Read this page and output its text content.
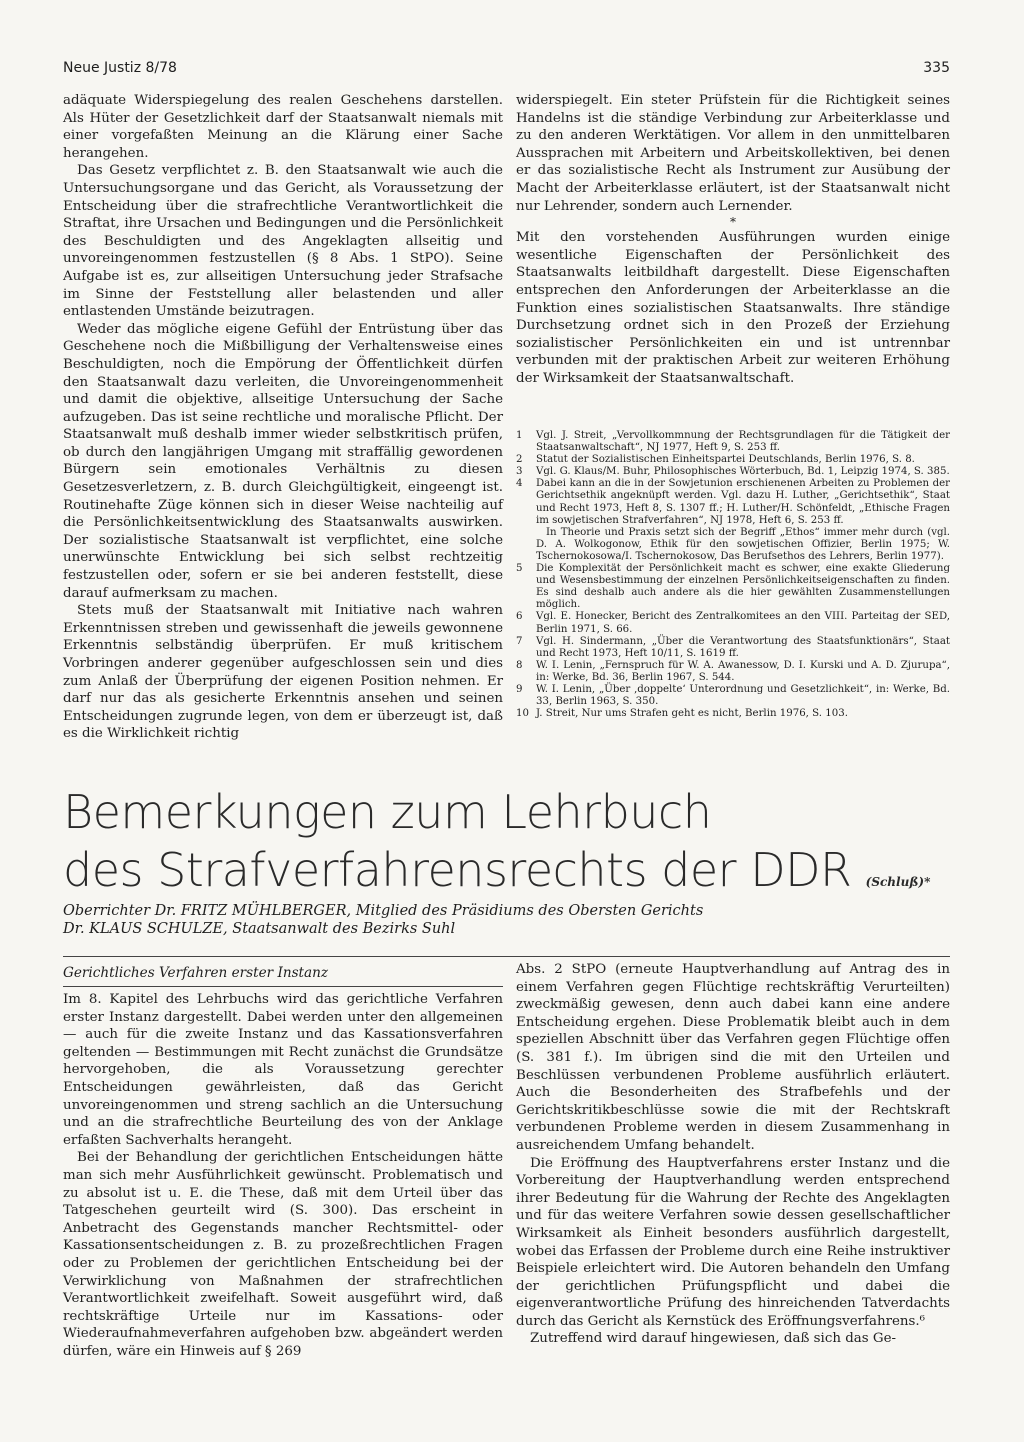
Neue Justiz 8/78	335

adäquate Widerspiegelung des realen Geschehens darstellen. Als Hüter der Gesetzlichkeit darf der Staatsanwalt niemals mit einer vorgefaßten Meinung an die Klärung einer Sache herangehen.

Das Gesetz verpflichtet z. B. den Staatsanwalt wie auch die Untersuchungsorgane und das Gericht, als Voraussetzung der Entscheidung über die strafrechtliche Verantwortlichkeit die Straftat, ihre Ursachen und Bedingungen und die Persönlichkeit des Beschuldigten und des Angeklagten allseitig und unvoreingenommen festzustellen (§ 8 Abs. 1 StPO). Seine Aufgabe ist es, zur allseitigen Untersuchung jeder Strafsache im Sinne der Feststellung aller belastenden und aller entlastenden Umstände beizutragen.

Weder das mögliche eigene Gefühl der Entrüstung über das Geschehene noch die Mißbilligung der Verhaltensweise eines Beschuldigten, noch die Empörung der Öffentlichkeit dürfen den Staatsanwalt dazu verleiten, die Unvoreingenommenheit und damit die objektive, allseitige Untersuchung der Sache aufzugeben. Das ist seine rechtliche und moralische Pflicht. Der Staatsanwalt muß deshalb immer wieder selbstkritisch prüfen, ob durch den langjährigen Umgang mit straffällig gewordenen Bürgern sein emotionales Verhältnis zu diesen Gesetzesverletzern, z. B. durch Gleichgültigkeit, eingeengt ist. Routinehafte Züge können sich in dieser Weise nachteilig auf die Persönlichkeitsentwicklung des Staatsanwalts auswirken. Der sozialistische Staatsanwalt ist verpflichtet, eine solche unerwünschte Entwicklung bei sich selbst rechtzeitig festzustellen oder, sofern er sie bei anderen feststellt, diese darauf aufmerksam zu machen.

Stets muß der Staatsanwalt mit Initiative nach wahren Erkenntnissen streben und gewissenhaft die jeweils gewonnene Erkenntnis selbständig überprüfen. Er muß kritischem Vorbringen anderer gegenüber aufgeschlossen sein und dies zum Anlaß der Überprüfung der eigenen Position nehmen. Er darf nur das als gesicherte Erkenntnis ansehen und seinen Entscheidungen zugrunde legen, von dem er überzeugt ist, daß es die Wirklichkeit richtig

widerspiegelt. Ein steter Prüfstein für die Richtigkeit seines Handelns ist die ständige Verbindung zur Arbeiterklasse und zu den anderen Werktätigen. Vor allem in den unmittelbaren Aussprachen mit Arbeitern und Arbeitskollektiven, bei denen er das sozialistische Recht als Instrument zur Ausübung der Macht der Arbeiterklasse erläutert, ist der Staatsanwalt nicht nur Lehrender, sondern auch Lernender.

*

Mit den vorstehenden Ausführungen wurden einige wesentliche Eigenschaften der Persönlichkeit des Staatsanwalts leitbildhaft dargestellt. Diese Eigenschaften entsprechen den Anforderungen der Arbeiterklasse an die Funktion eines sozialistischen Staatsanwalts. Ihre ständige Durchsetzung ordnet sich in den Prozeß der Erziehung sozialistischer Persönlichkeiten ein und ist untrennbar verbunden mit der praktischen Arbeit zur weiteren Erhöhung der Wirksamkeit der Staatsanwaltschaft.

1	Vgl. J. Streit, „Vervollkommnung der Rechtsgrundlagen für die Tätigkeit der Staatsanwaltschaft“, NJ 1977, Heft 9, S. 253 ff.
2	Statut der Sozialistischen Einheitspartei Deutschlands, Berlin 1976, S. 8.
3	Vgl. G. Klaus/M. Buhr, Philosophisches Wörterbuch, Bd. 1, Leipzig 1974, S. 385.
4	Dabei kann an die in der Sowjetunion erschienenen Arbeiten zu Problemen der Gerichtsethik angeknüpft werden. Vgl. dazu H. Luther, „Gerichtsethik“, Staat und Recht 1973, Heft 8, S. 1307 ff.; H. Luther/H. Schönfeldt, „Ethische Fragen im sowjetischen Strafverfahren“, NJ 1978, Heft 6, S. 253 ff.
In Theorie und Praxis setzt sich der Begriff „Ethos“ immer mehr durch (vgl. D. A. Wolkogonow, Ethik für den sowjetischen Offizier, Berlin 1975; W. Tschernokosowa/I. Tschernokosow, Das Berufsethos des Lehrers, Berlin 1977).
5	Die Komplexität der Persönlichkeit macht es schwer, eine exakte Gliederung und Wesensbestimmung der einzelnen Persönlichkeitseigenschaften zu finden. Es sind deshalb auch andere als die hier gewählten Zusammenstellungen möglich.
6	Vgl. E. Honecker, Bericht des Zentralkomitees an den VIII. Parteitag der SED, Berlin 1971, S. 66.
7	Vgl. H. Sindermann, „Über die Verantwortung des Staatsfunktionärs“, Staat und Recht 1973, Heft 10/11, S. 1619 ff.
8	W. I. Lenin, „Fernspruch für W. A. Awanessow, D. I. Kurski und A. D. Zjurupa“, in: Werke, Bd. 36, Berlin 1967, S. 544.
9	W. I. Lenin, „Über ‚doppelte‘ Unterordnung und Gesetzlichkeit“, in: Werke, Bd. 33, Berlin 1963, S. 350.
10 J. Streit, Nur ums Strafen geht es nicht, Berlin 1976, S. 103.
Bemerkungen zum Lehrbuch
des Strafverfahrensrechts der DDR (Schluß)*
Oberrichter Dr. FRITZ MÜHLBERGER, Mitglied des Präsidiums des Obersten Gerichts
Dr. KLAUS SCHULZE, Staatsanwalt des Bezirks Suhl
Gerichtliches Verfahren erster Instanz

Im 8. Kapitel des Lehrbuchs wird das gerichtliche Verfahren erster Instanz dargestellt. Dabei werden unter den allgemeinen — auch für die zweite Instanz und das Kassationsverfahren geltenden — Bestimmungen mit Recht zunächst die Grundsätze hervorgehoben, die als Voraussetzung gerechter Entscheidungen gewährleisten, daß das Gericht unvoreingenommen und streng sachlich an die Untersuchung und an die strafrechtliche Beurteilung des von der Anklage erfaßten Sachverhalts herangeht.

Bei der Behandlung der gerichtlichen Entscheidungen hätte man sich mehr Ausführlichkeit gewünscht. Problematisch und zu absolut ist u. E. die These, daß mit dem Urteil über das Tatgeschehen geurteilt wird (S. 300). Das erscheint in Anbetracht des Gegenstands mancher Rechtsmittel- oder Kassationsentscheidungen z. B. zu prozeßrechtlichen Fragen oder zu Problemen der gerichtlichen Entscheidung bei der Verwirklichung von Maßnahmen der strafrechtlichen Verantwortlichkeit zweifelhaft. Soweit ausgeführt wird, daß rechtskräftige Urteile nur im Kassations- oder Wiederaufnahmeverfahren aufgehoben bzw. abgeändert werden dürfen, wäre ein Hinweis auf § 269

Abs. 2 StPO (erneute Hauptverhandlung auf Antrag des in einem Verfahren gegen Flüchtige rechtskräftig Verurteilten) zweckmäßig gewesen, denn auch dabei kann eine andere Entscheidung ergehen. Diese Problematik bleibt auch in dem speziellen Abschnitt über das Verfahren gegen Flüchtige offen (S. 381 f.). Im übrigen sind die mit den Urteilen und Beschlüssen verbundenen Probleme ausführlich erläutert. Auch die Besonderheiten des Strafbefehls und der Gerichtskritikbeschlüsse sowie die mit der Rechtskraft verbundenen Probleme werden in diesem Zusammenhang in ausreichendem Umfang behandelt.

Die Eröffnung des Hauptverfahrens erster Instanz und die Vorbereitung der Hauptverhandlung werden entsprechend ihrer Bedeutung für die Wahrung der Rechte des Angeklagten und für das weitere Verfahren sowie dessen gesellschaftlicher Wirksamkeit als Einheit besonders ausführlich dargestellt, wobei das Erfassen der Probleme durch eine Reihe instruktiver Beispiele erleichtert wird. Die Autoren behandeln den Umfang der gerichtlichen Prüfungspflicht und dabei die eigenverantwortliche Prüfung des hinreichenden Tatverdachts durch das Gericht als Kernstück des Eröffnungsverfahrens.⁶

Zutreffend wird darauf hingewiesen, daß sich das Ge-
